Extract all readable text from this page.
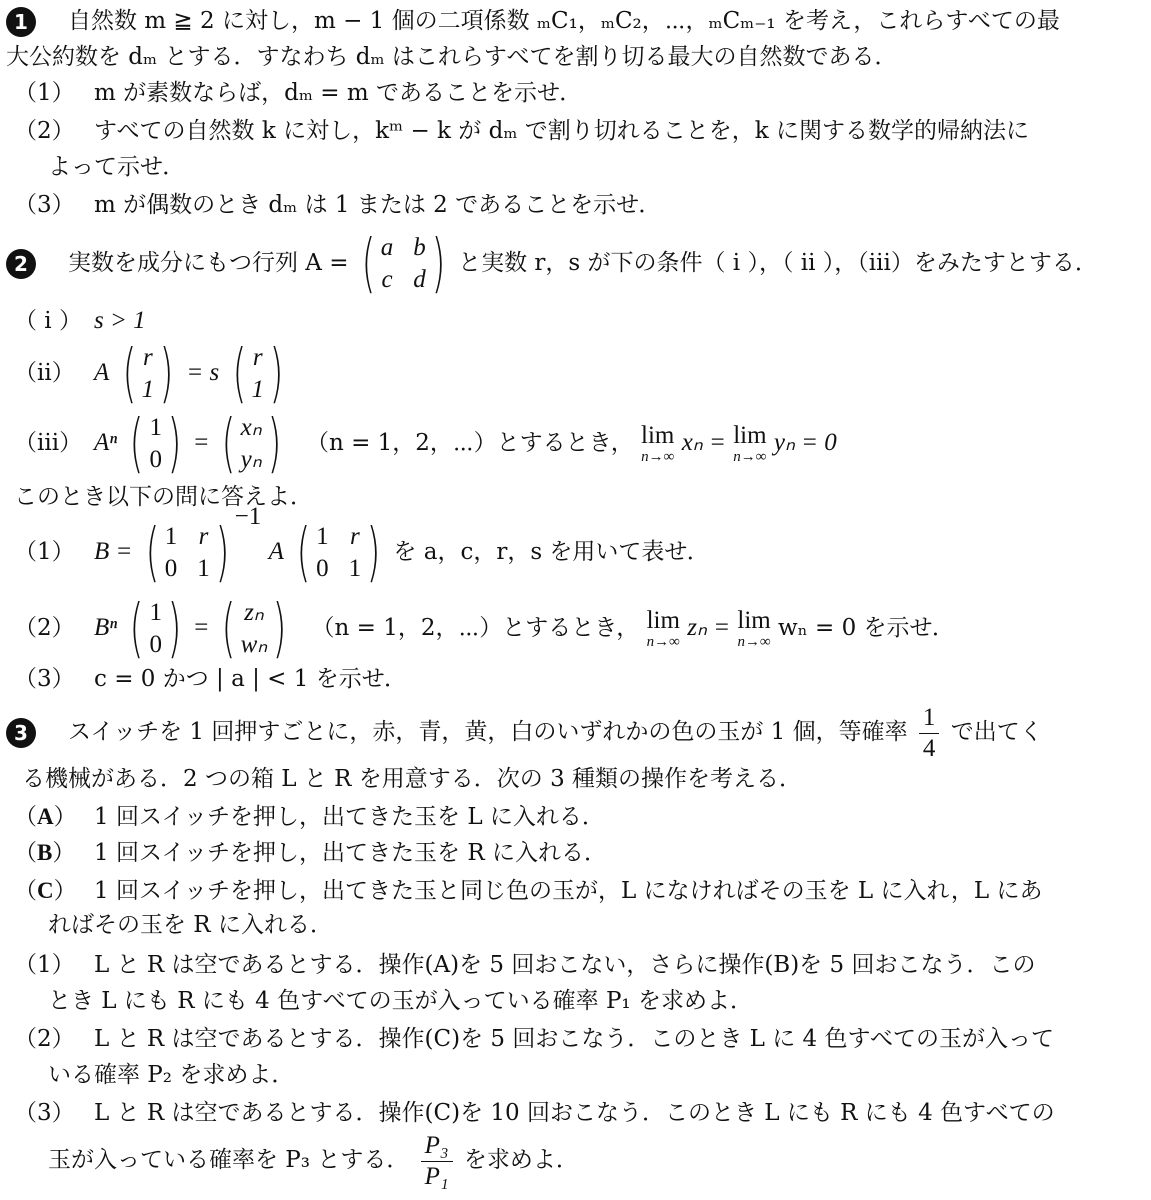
1 自然数 m ≧ 2 に対し，m − 1 個の二項係数 ₘC₁，ₘC₂，⋯，ₘCₘ₋₁ を考え，これらすべての最
大公約数を dₘ とする．すなわち dₘ はこれらすべてを割り切る最大の自然数である．
（1） m が素数ならば，dₘ = m であることを示せ．
（2） すべての自然数 k に対し，kᵐ − k が dₘ で割り切れることを，k に関する数学的帰納法に
よって示せ．
（3） m が偶数のとき dₘ は 1 または 2 であることを示せ．
2 実数を成分にもつ行列 A = ( a b
c d ) と実数 r，s が下の条件（ i ），（ ii ），（iii）をみたすとする．
（ i ） s > 1
（ii） A ( r
1 ) = s ( r
1 )
（iii） Aⁿ ( 1
0 ) = ( xₙ
yₙ ) （n = 1，2，⋯）とするとき， lim
n→∞
xₙ = lim
n→∞
yₙ = 0
このとき以下の問に答えよ．
（1） B = ( 1 r
0 1 ) $^{-1}$ A ( 1 r
0 1 ) を a，c，r，s を用いて表せ．
（2） Bⁿ ( 1
0 ) = ( zₙ
wₙ ) （n = 1，2，⋯）とするとき， lim
n→∞
zₙ = lim
n→∞
wₙ = 0 を示せ．
（3） c = 0 かつ | a | < 1 を示せ．
3 スイッチを 1 回押すごとに，赤，青，黄，白のいずれかの色の玉が 1 個，等確率 $\frac{1}{4}$ で出てく
る機械がある．2 つの箱 L と R を用意する．次の 3 種類の操作を考える．
（A） 1 回スイッチを押し，出てきた玉を L に入れる．
（B） 1 回スイッチを押し，出てきた玉を R に入れる．
（C） 1 回スイッチを押し，出てきた玉と同じ色の玉が，L になければその玉を L に入れ，L にあ
ればその玉を R に入れる．
（1） L と R は空であるとする．操作(A)を 5 回おこない，さらに操作(B)を 5 回おこなう．この
とき L にも R にも 4 色すべての玉が入っている確率 P₁ を求めよ．
（2） L と R は空であるとする．操作(C)を 5 回おこなう．このとき L に 4 色すべての玉が入って
いる確率 P₂ を求めよ．
（3） L と R は空であるとする．操作(C)を 10 回おこなう．このとき L にも R にも 4 色すべての
玉が入っている確率を P₃ とする． $\frac{\text{P₃}}{\text{P₁}}$ を求めよ．
